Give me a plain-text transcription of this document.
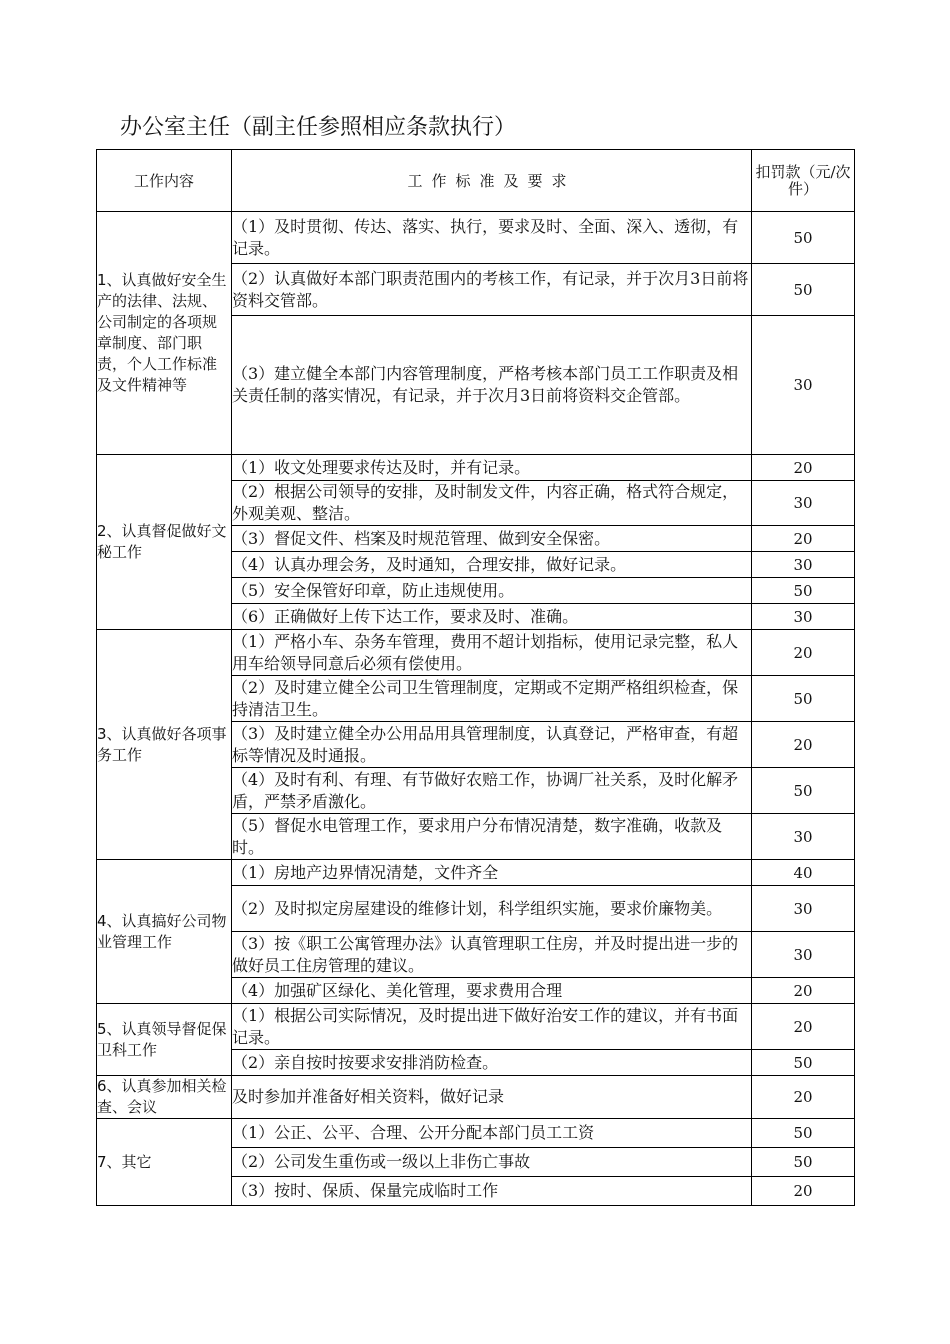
办公室主任（副主任参照相应条款执行）
工作内容	工作标准及要求	扣罚款（元/次件）
1、认真做好安全生产的法律、法规、公司制定的各项规章制度、部门职责，个人工作标准及文件精神等	（1）及时贯彻、传达、落实、执行，要求及时、全面、深入、透彻，有记录。	50
	（2）认真做好本部门职责范围内的考核工作，有记录，并于次月3日前将资料交管部。	50
	（3）建立健全本部门内容管理制度，严格考核本部门员工工作职责及相关责任制的落实情况，有记录，并于次月3日前将资料交企管部。	30
2、认真督促做好文秘工作	（1）收文处理要求传达及时，并有记录。	20
	（2）根据公司领导的安排，及时制发文件，内容正确，格式符合规定，外观美观、整洁。	30
	（3）督促文件、档案及时规范管理、做到安全保密。	20
	（4）认真办理会务，及时通知，合理安排，做好记录。	30
	（5）安全保管好印章，防止违规使用。	50
	（6）正确做好上传下达工作，要求及时、准确。	30
3、认真做好各项事务工作	（1）严格小车、杂务车管理，费用不超计划指标，使用记录完整，私人用车给领导同意后必须有偿使用。	20
	（2）及时建立健全公司卫生管理制度，定期或不定期严格组织检查，保持清洁卫生。	50
	（3）及时建立健全办公用品用具管理制度，认真登记，严格审查，有超标等情况及时通报。	20
	（4）及时有利、有理、有节做好农赔工作，协调厂社关系，及时化解矛盾，严禁矛盾激化。	50
	（5）督促水电管理工作，要求用户分布情况清楚，数字准确，收款及时。	30
4、认真搞好公司物业管理工作	（1）房地产边界情况清楚，文件齐全	40
	（2）及时拟定房屋建设的维修计划，科学组织实施，要求价廉物美。	30
	（3）按《职工公寓管理办法》认真管理职工住房，并及时提出进一步的做好员工住房管理的建议。	30
	（4）加强矿区绿化、美化管理，要求费用合理	20
5、认真领导督促保卫科工作	（1）根据公司实际情况，及时提出进下做好治安工作的建议，并有书面记录。	20
	（2）亲自按时按要求安排消防检查。	50
6、认真参加相关检查、会议	及时参加并准备好相关资料，做好记录	20
7、其它	（1）公正、公平、合理、公开分配本部门员工工资	50
	（2）公司发生重伤或一级以上非伤亡事故	50
	（3）按时、保质、保量完成临时工作	20
